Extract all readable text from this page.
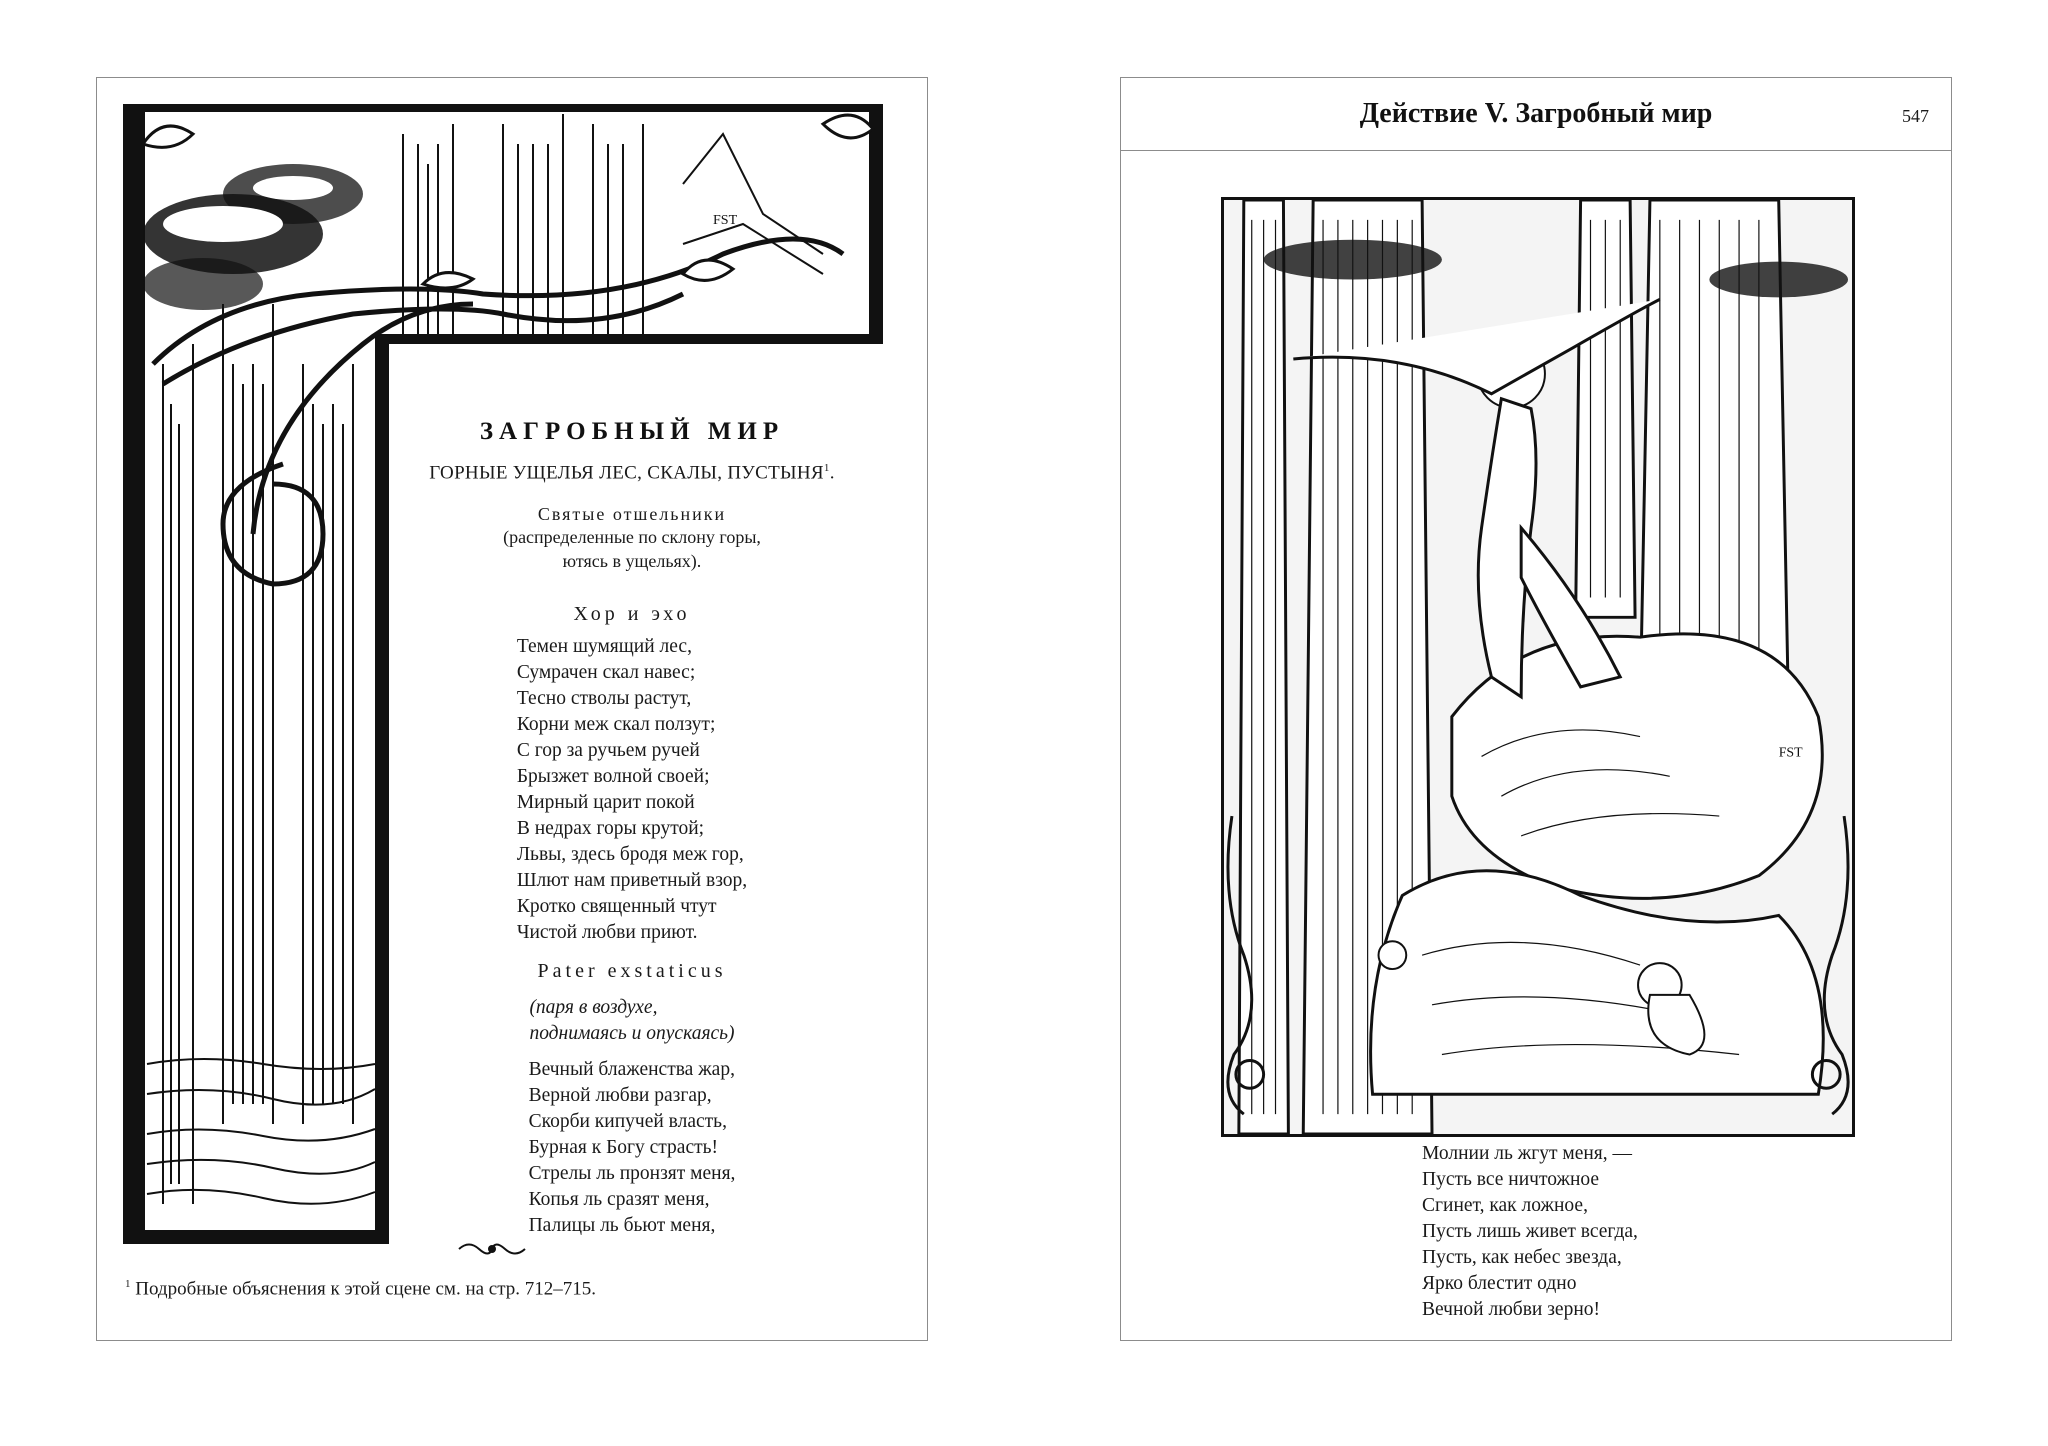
FST
ЗАГРОБНЫЙ МИР

ГОРНЫЕ УЩЕЛЬЯ ЛЕС, СКАЛЫ, ПУСТЫНЯ$^1$.

Святые отшельники

(распределенные по склону горы,

ютясь в ущельях).

Хор и эхо

Темен шумящий лес,
Сумрачен скал навес;
Тесно стволы растут,
Корни меж скал ползут;
С гор за ручьем ручей
Брызжет волной своей;
Мирный царит покой
В недрах горы крутой;
Львы, здесь бродя меж гор,
Шлют нам приветный взор,
Кротко священный чтут
Чистой любви приют.

Pater exstaticus

(паря в воздухе,
поднимаясь и опускаясь)

Вечный блаженства жар,
Верной любви разгар,
Скорби кипучей власть,
Бурная к Богу страсть!
Стрелы ль пронзят меня,
Копья ль сразят меня,
Палицы ль бьют меня,
$^1$ Подробные объяснения к этой сцене см. на стр. 712–715.
Действие V. Загробный мир	547
FST
Молнии ль жгут меня, —
Пусть все ничтожное
Сгинет, как ложное,
Пусть лишь живет всегда,
Пусть, как небес звезда,
Ярко блестит одно
Вечной любви зерно!
